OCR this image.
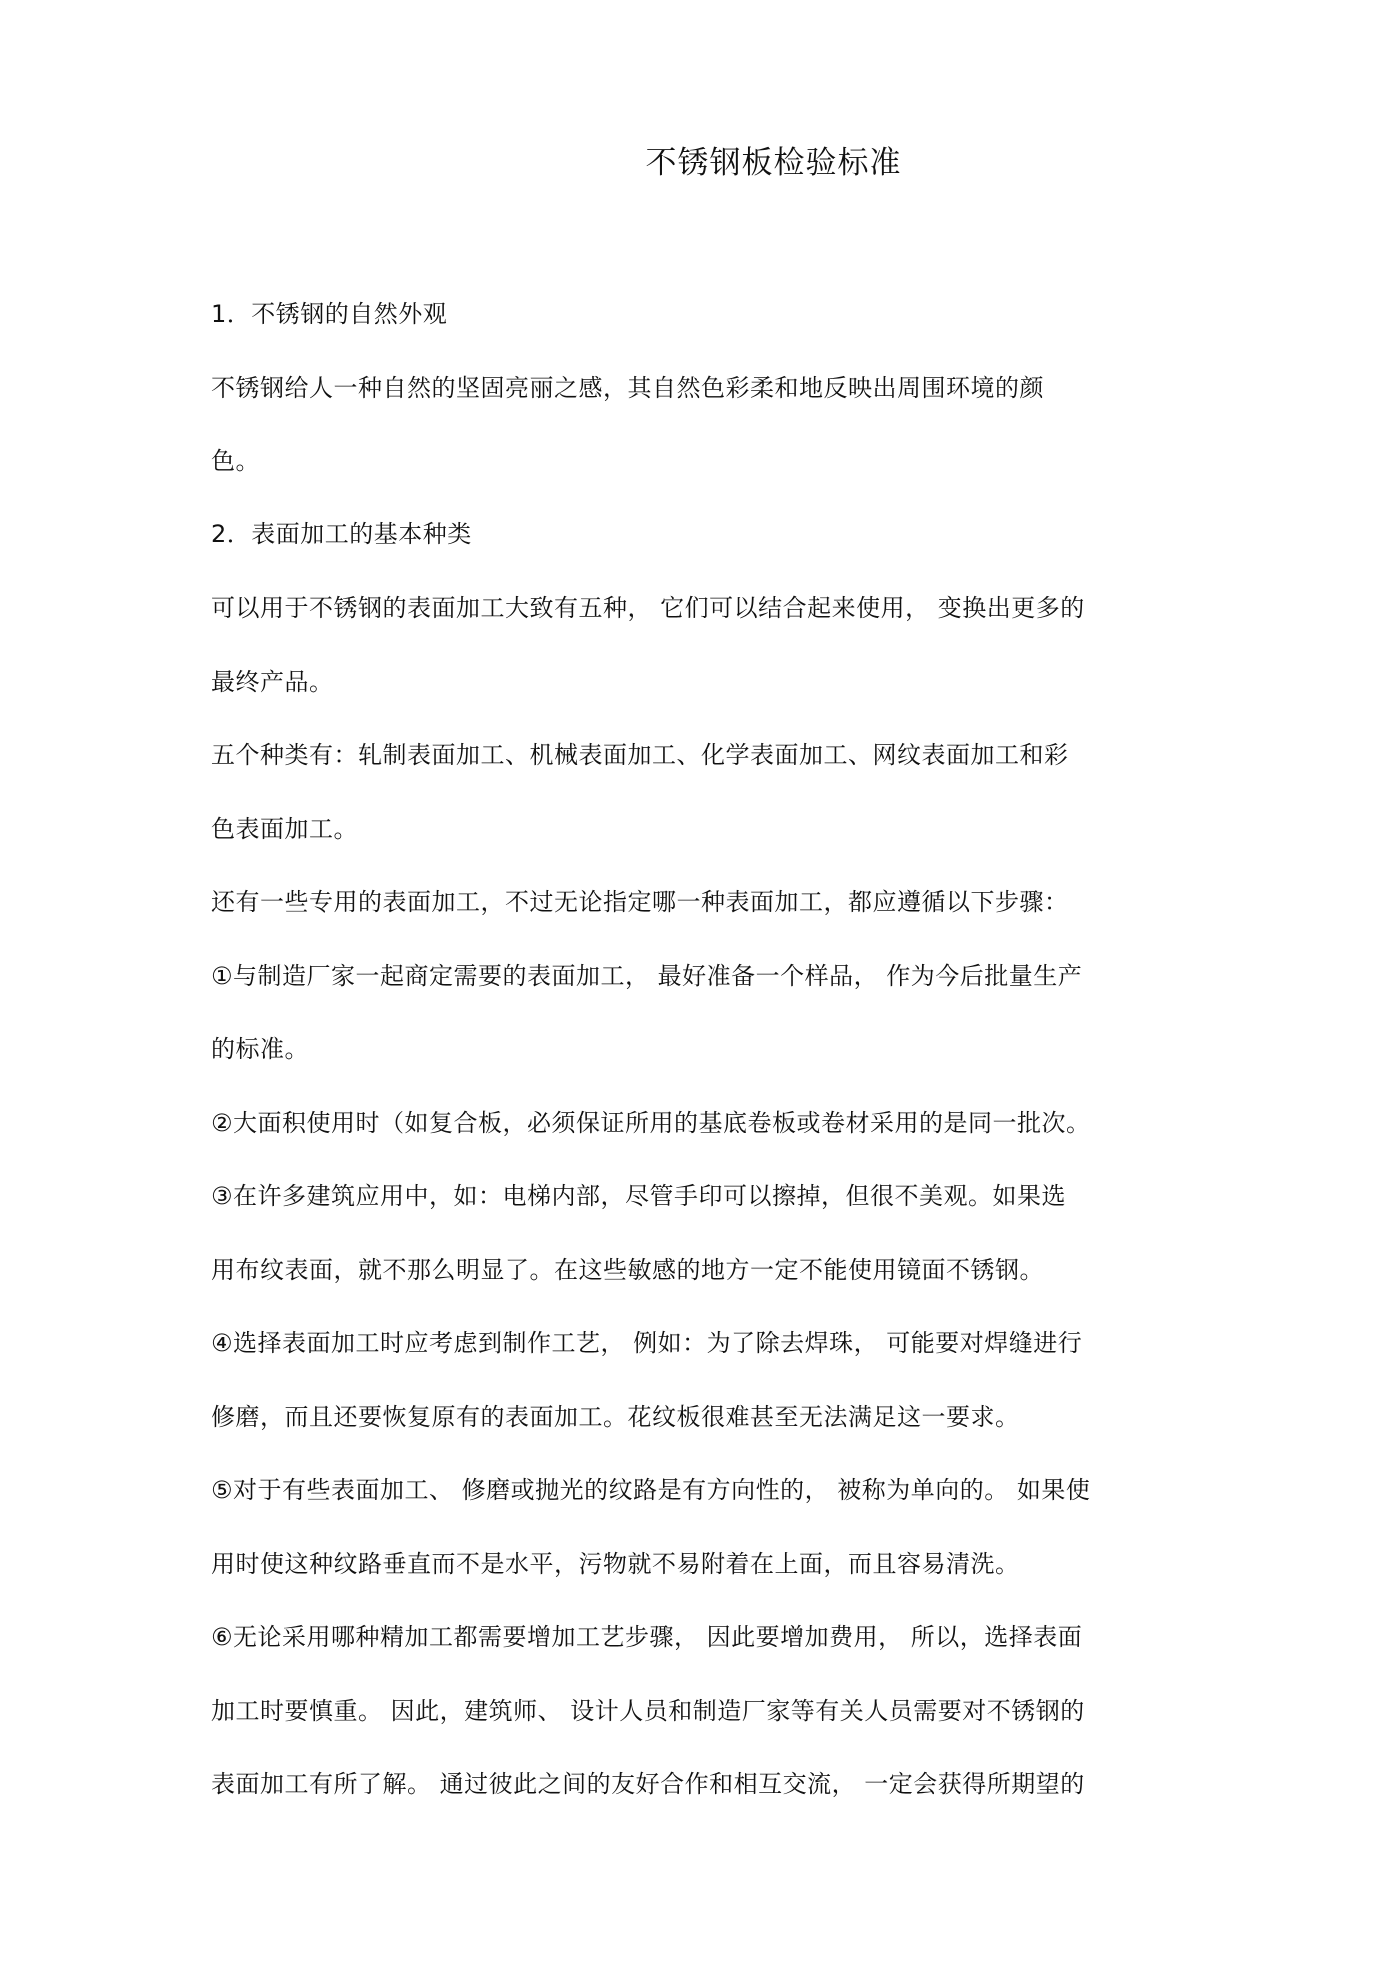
不锈钢板检验标准
1．不锈钢的自然外观
不锈钢给人一种自然的坚固亮丽之感，其自然色彩柔和地反映出周围环境的颜
色。
2．表面加工的基本种类
可以用于不锈钢的表面加工大致有五种， 它们可以结合起来使用， 变换出更多的
最终产品。
五个种类有：轧制表面加工、机械表面加工、化学表面加工、网纹表面加工和彩
色表面加工。
还有一些专用的表面加工，不过无论指定哪一种表面加工，都应遵循以下步骤：
①与制造厂家一起商定需要的表面加工， 最好准备一个样品， 作为今后批量生产
的标准。
②大面积使用时（如复合板，必须保证所用的基底卷板或卷材采用的是同一批次。
③在许多建筑应用中，如：电梯内部，尽管手印可以擦掉，但很不美观。如果选
用布纹表面，就不那么明显了。在这些敏感的地方一定不能使用镜面不锈钢。
④选择表面加工时应考虑到制作工艺， 例如：为了除去焊珠， 可能要对焊缝进行
修磨，而且还要恢复原有的表面加工。花纹板很难甚至无法满足这一要求。
⑤对于有些表面加工、 修磨或抛光的纹路是有方向性的， 被称为单向的。 如果使
用时使这种纹路垂直而不是水平，污物就不易附着在上面，而且容易清洗。
⑥无论采用哪种精加工都需要增加工艺步骤， 因此要增加费用， 所以，选择表面
加工时要慎重。 因此，建筑师、 设计人员和制造厂家等有关人员需要对不锈钢的
表面加工有所了解。 通过彼此之间的友好合作和相互交流， 一定会获得所期望的
